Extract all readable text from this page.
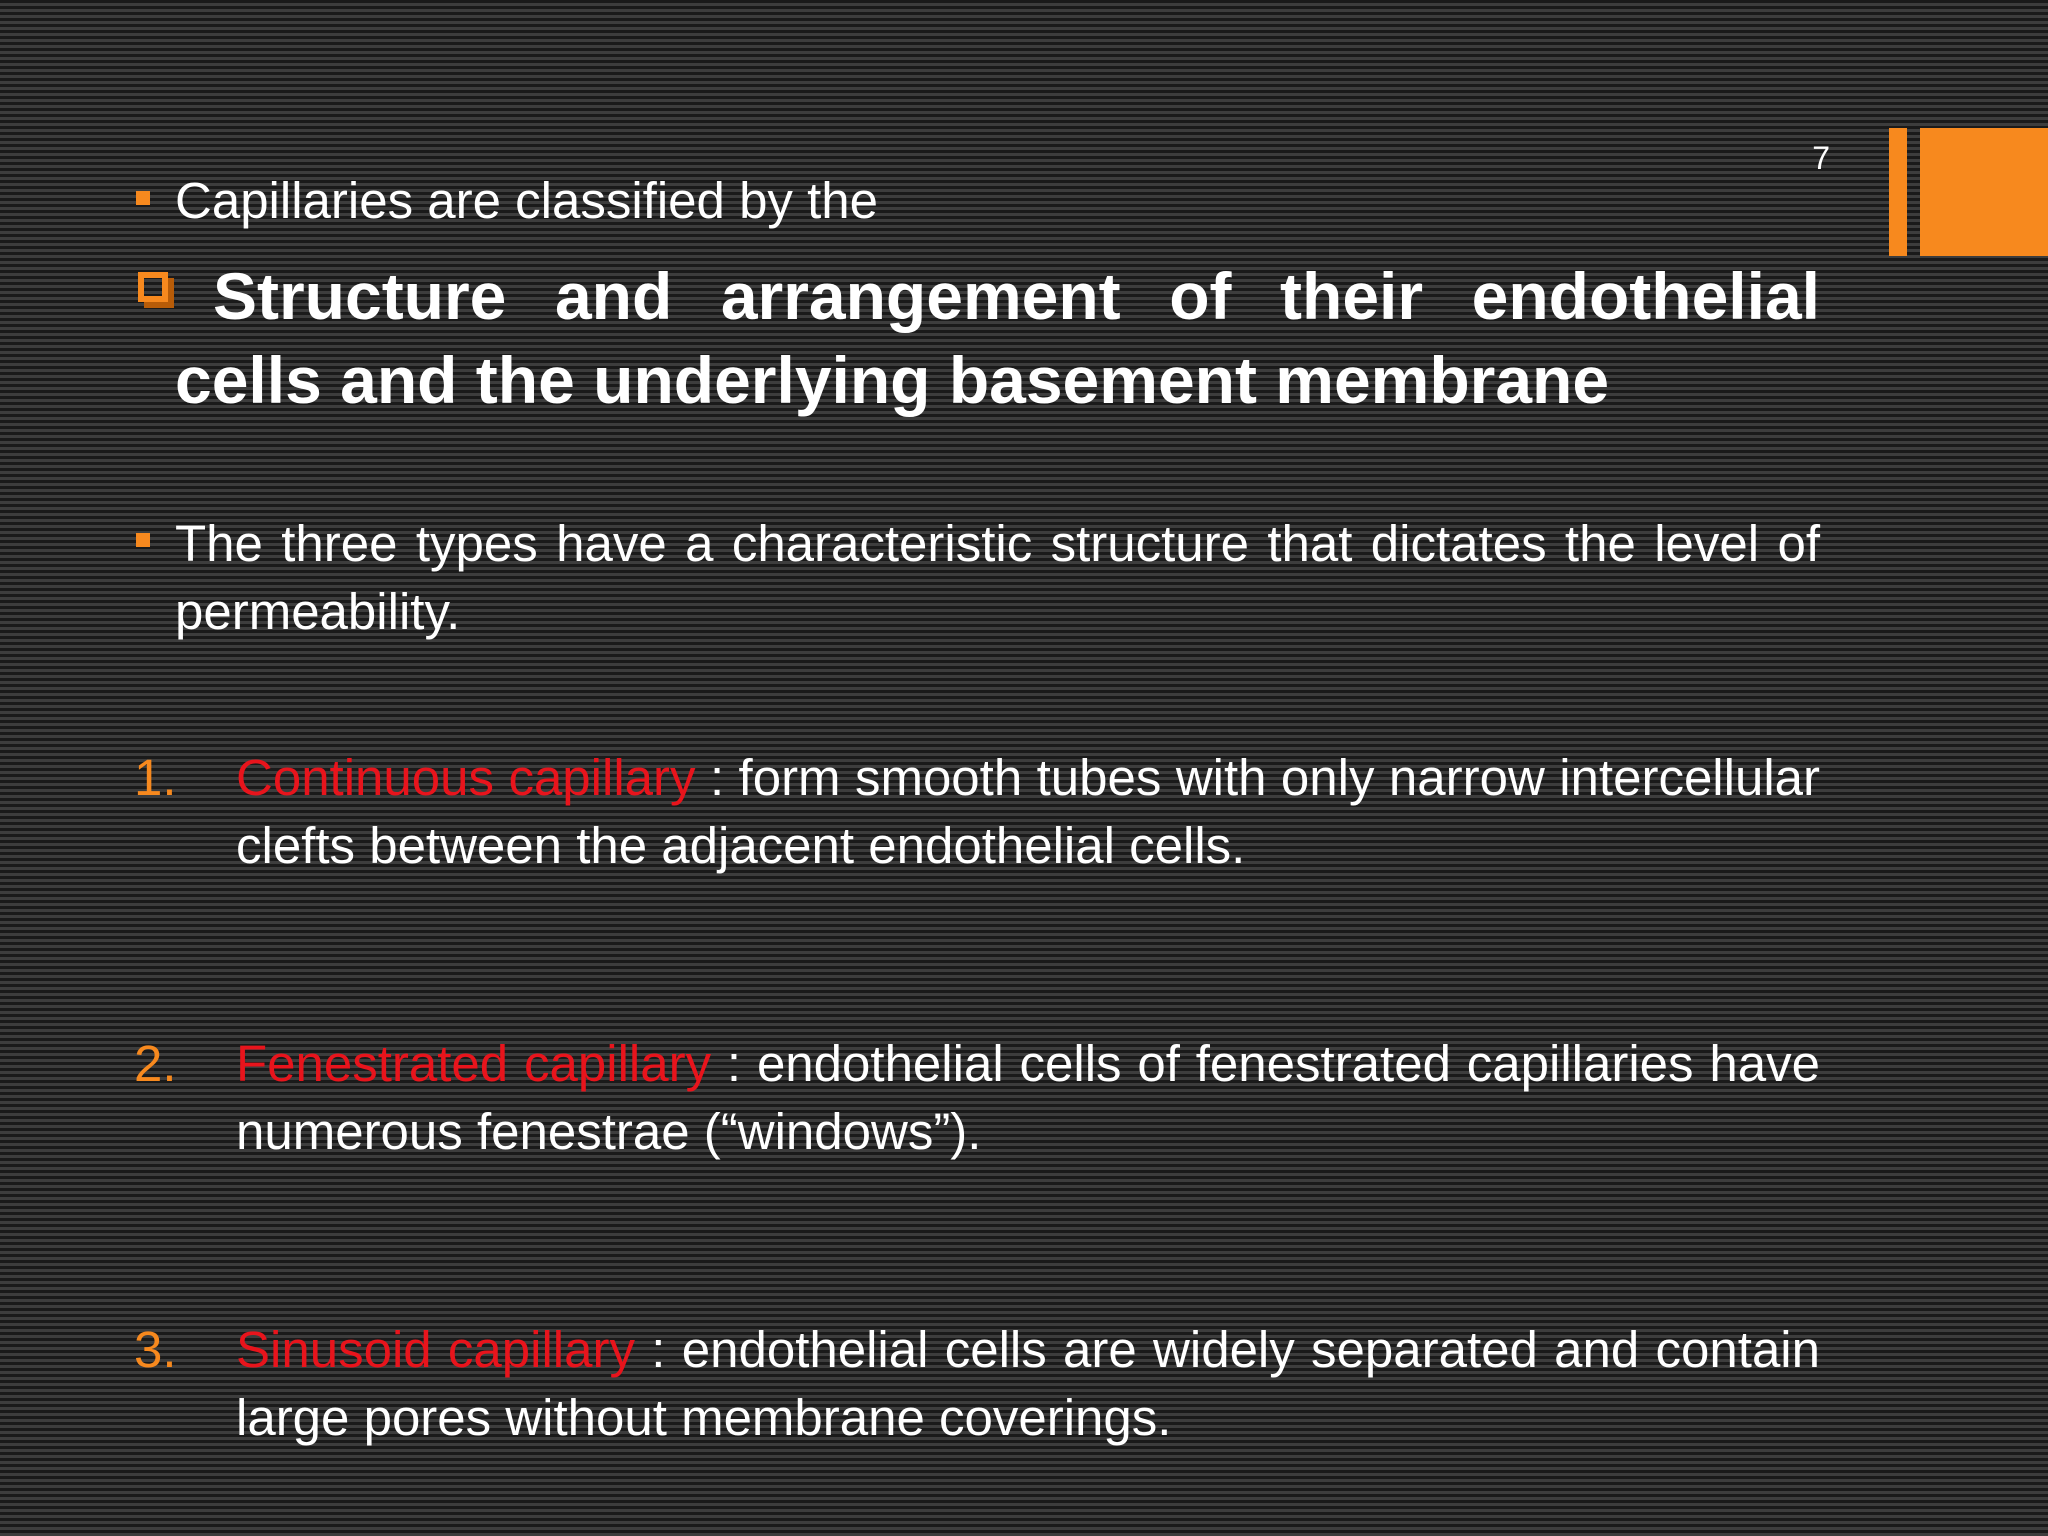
7
Capillaries are classified by the
Structure and arrangement of their endothelial cells and the underlying basement membrane
The three types have a characteristic structure that dictates the level of permeability.
1. Continuous capillary : form smooth tubes with only narrow intercellular clefts between the adjacent endothelial cells.
2. Fenestrated capillary : endothelial cells of fenestrated capillaries have numerous fenestrae (“windows”).
3. Sinusoid capillary : endothelial cells are widely separated and contain large pores without membrane coverings.
